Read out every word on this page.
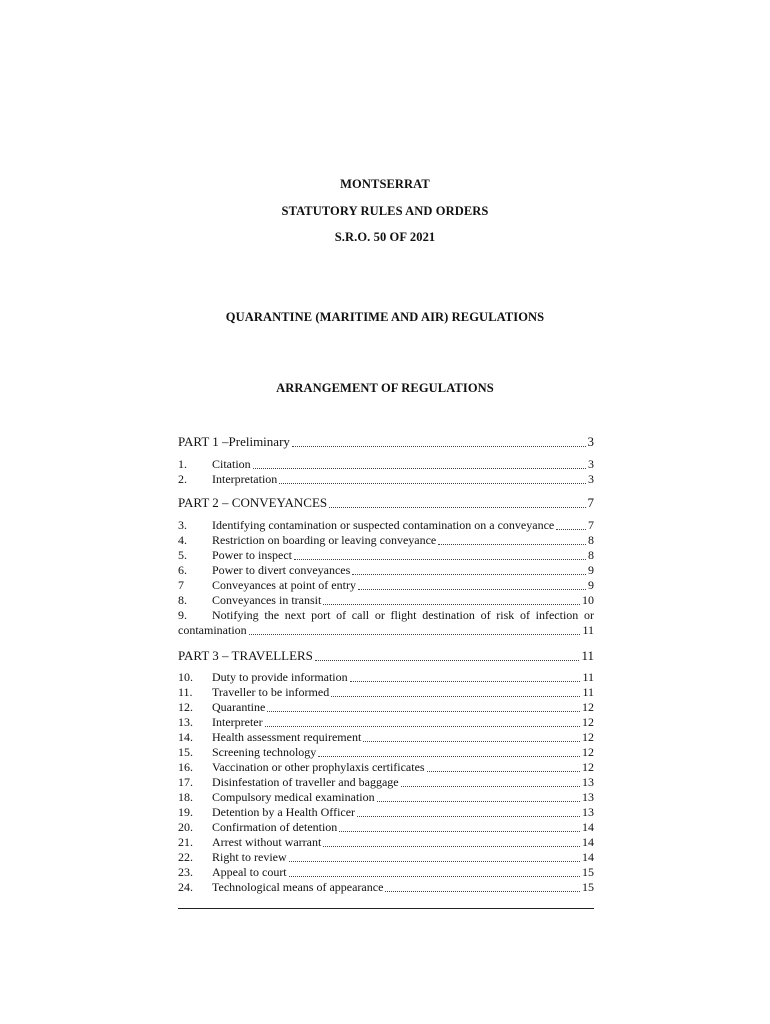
MONTSERRAT
STATUTORY RULES AND ORDERS
S.R.O. 50 OF 2021
QUARANTINE (MARITIME AND AIR) REGULATIONS
ARRANGEMENT OF REGULATIONS
PART 1 –Preliminary	3
1.	Citation	3
2.	Interpretation	3
PART 2 – CONVEYANCES	7
3.	Identifying contamination or suspected contamination on a conveyance	7
4.	Restriction on boarding or leaving conveyance	8
5.	Power to inspect	8
6.	Power to divert conveyances	9
7	Conveyances at point of entry	9
8.	Conveyances in transit	10
9.	Notifying the next port of call or flight destination of risk of infection or
contamination	11
PART 3 – TRAVELLERS	11
10.	Duty to provide information	11
11.	Traveller to be informed	11
12.	Quarantine	12
13.	Interpreter	12
14.	Health assessment requirement	12
15.	Screening technology	12
16.	Vaccination or other prophylaxis certificates	12
17.	Disinfestation of traveller and baggage	13
18.	Compulsory medical examination	13
19.	Detention by a Health Officer	13
20.	Confirmation of detention	14
21.	Arrest without warrant	14
22.	Right to review	14
23.	Appeal to court	15
24.	Technological means of appearance	15
